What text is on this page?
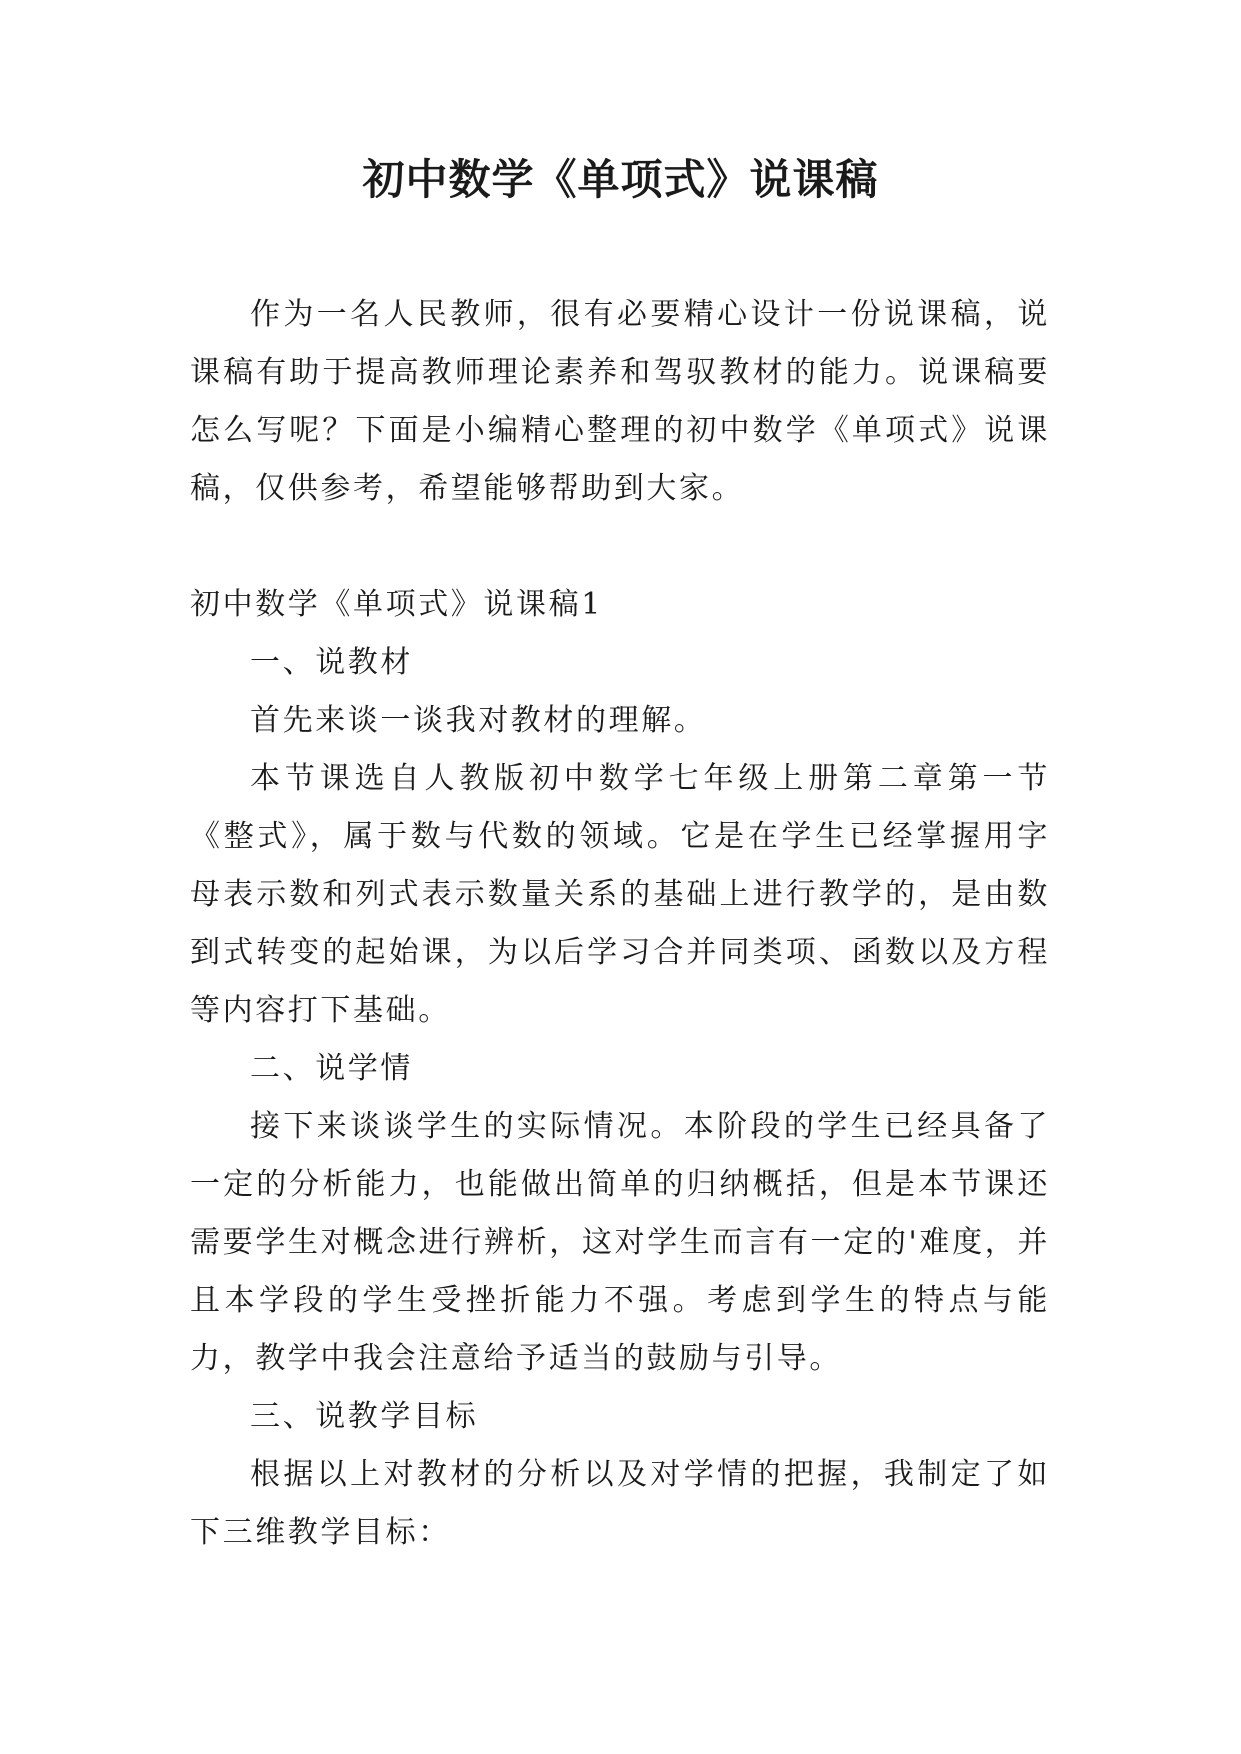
初中数学《单项式》说课稿

作为一名人民教师，很有必要精心设计一份说课稿，说课稿有助于提高教师理论素养和驾驭教材的能力。说课稿要怎么写呢？下面是小编精心整理的初中数学《单项式》说课稿，仅供参考，希望能够帮助到大家。

初中数学《单项式》说课稿1

一、说教材

首先来谈一谈我对教材的理解。

本节课选自人教版初中数学七年级上册第二章第一节《整式》，属于数与代数的领域。它是在学生已经掌握用字母表示数和列式表示数量关系的基础上进行教学的，是由数到式转变的起始课，为以后学习合并同类项、函数以及方程等内容打下基础。

二、说学情

接下来谈谈学生的实际情况。本阶段的学生已经具备了一定的分析能力，也能做出简单的归纳概括，但是本节课还需要学生对概念进行辨析，这对学生而言有一定的'难度，并且本学段的学生受挫折能力不强。考虑到学生的特点与能力，教学中我会注意给予适当的鼓励与引导。

三、说教学目标

根据以上对教材的分析以及对学情的把握，我制定了如下三维教学目标：
